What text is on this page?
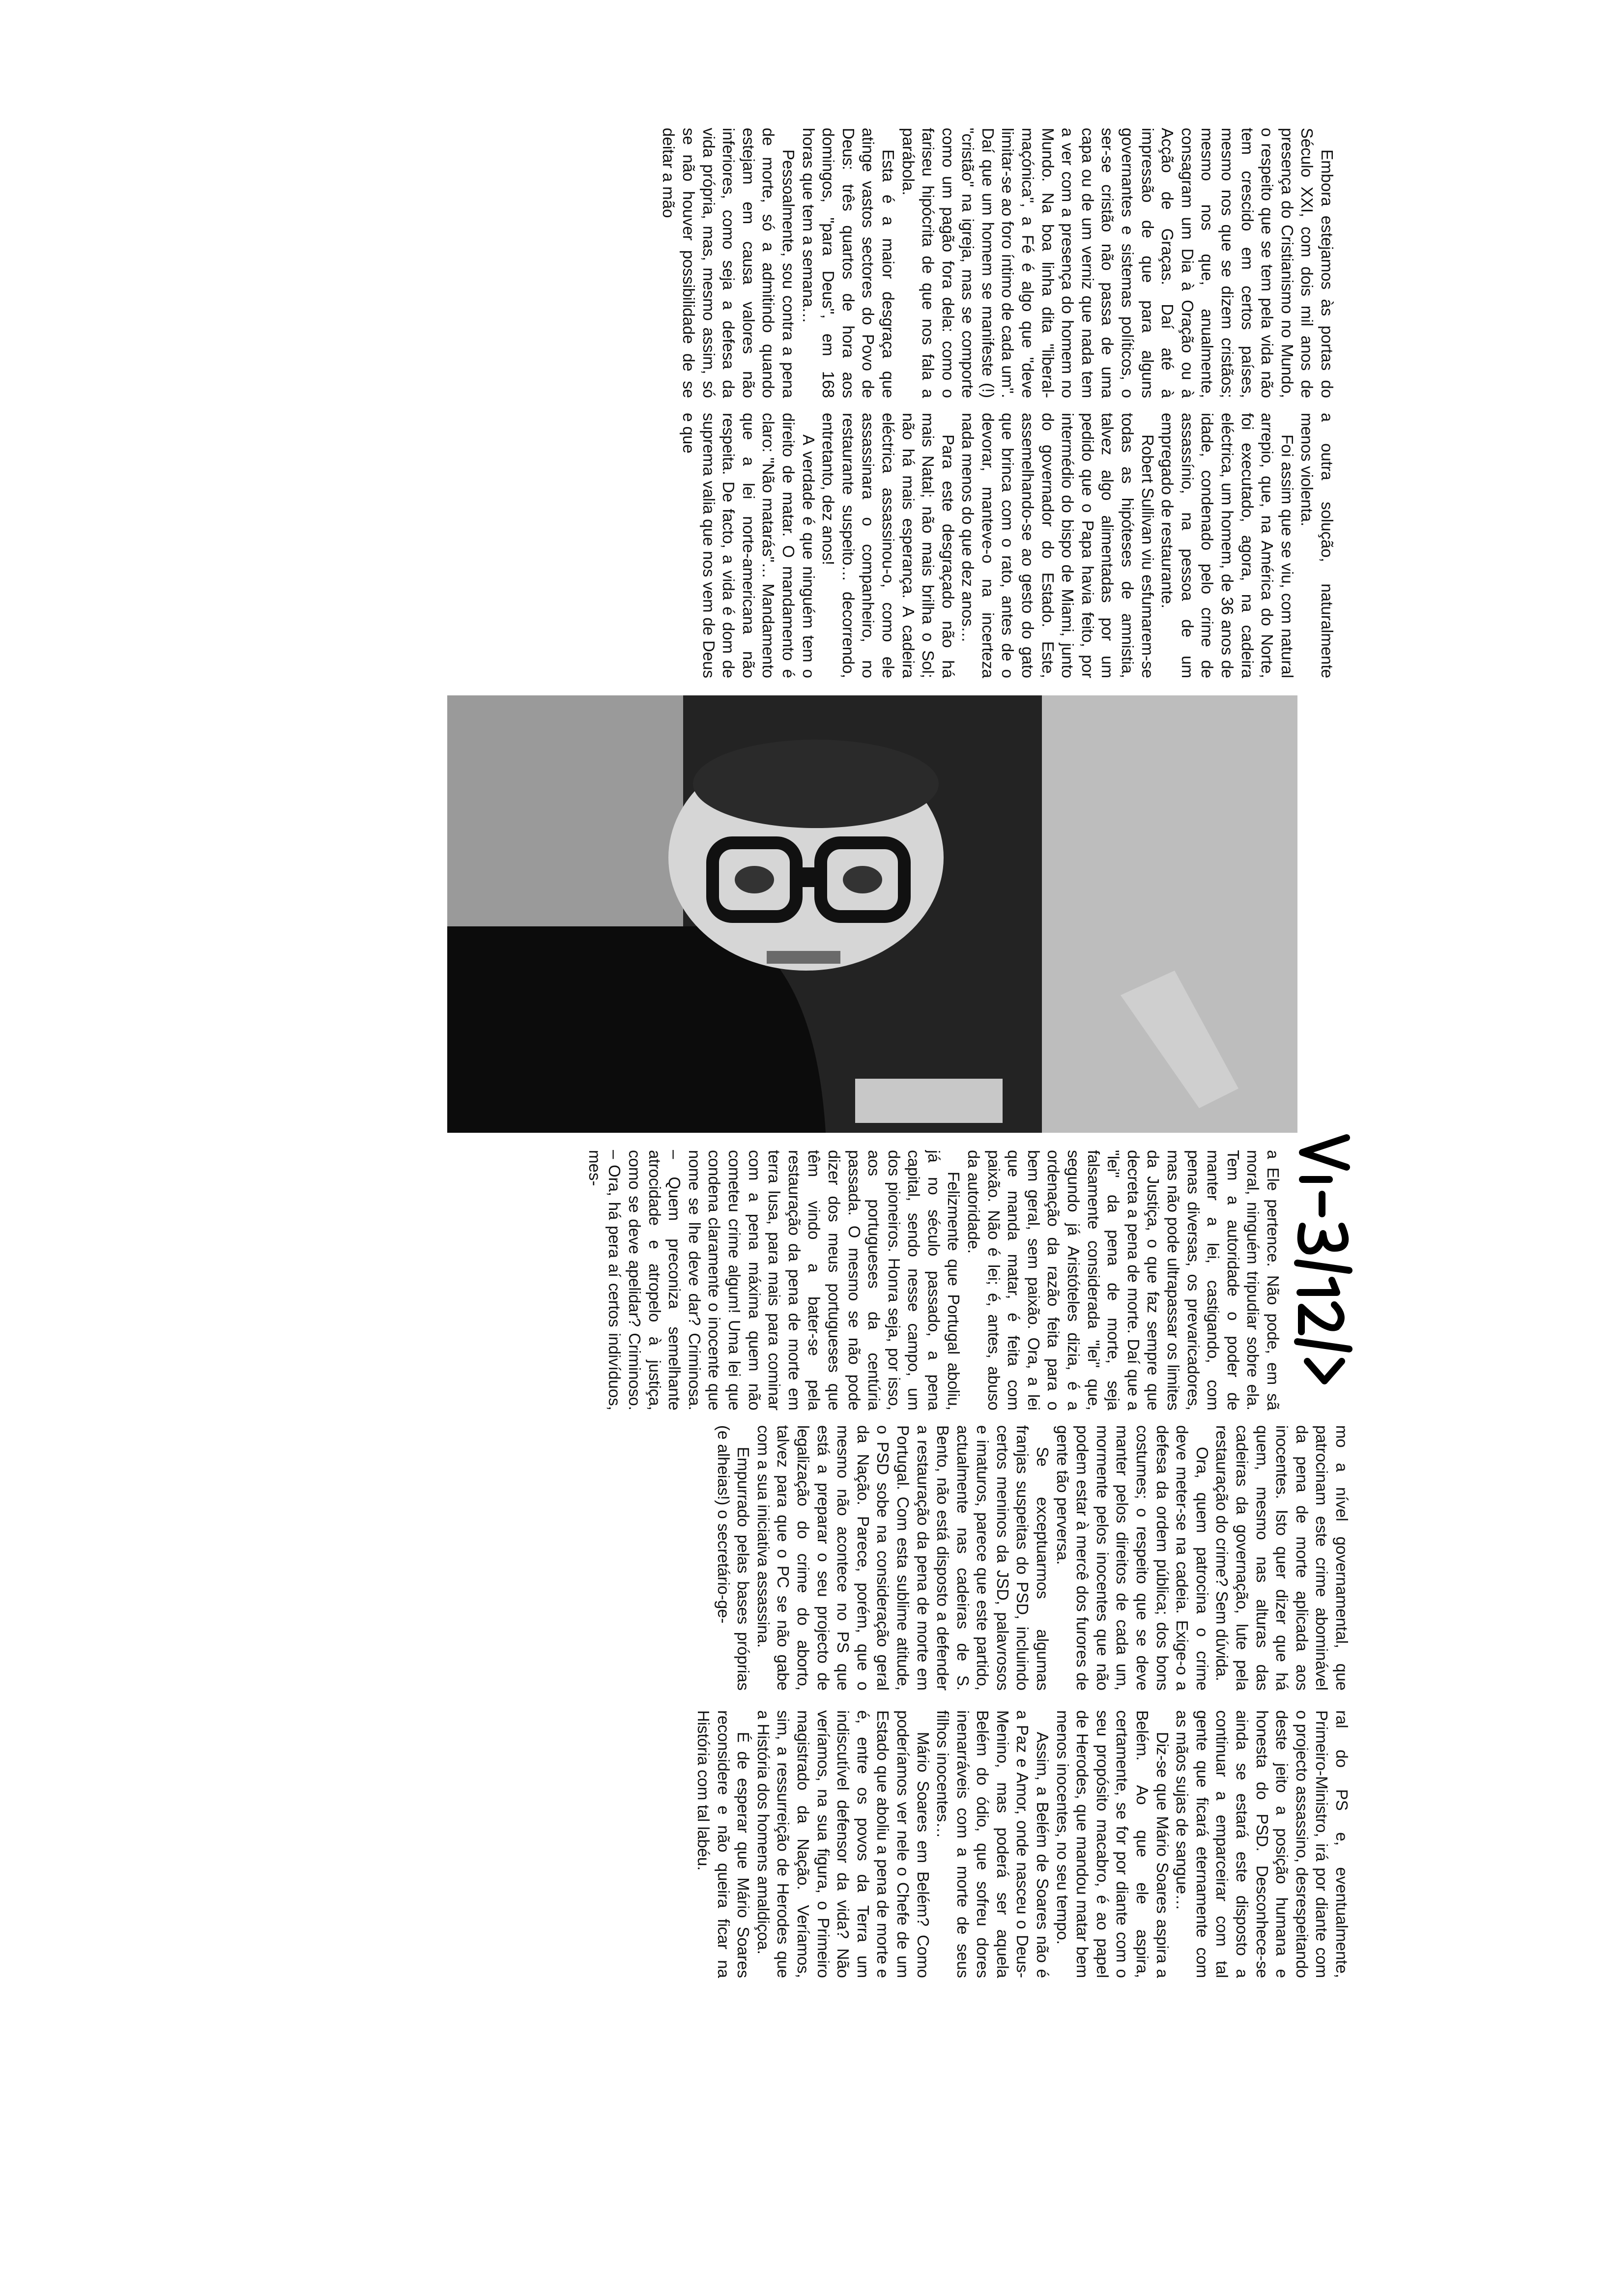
Embora estejamos às portas do Século XXI, com dois mil anos de presença do Cristianismo no Mundo, o respeito que se tem pela vida não tem crescido em certos países, mesmo nos que se dizem cristãos; mesmo nos que, anualmente, consagram um Dia à Oração ou à Acção de Graças. Daí até à impressão de que para alguns governantes e sistemas políticos, o ser-se cristão não passa de uma capa ou de um verniz que nada tem a ver com a presença do homem no Mundo. Na boa linha dita "liberal-maçónica", a Fé é algo que "deve limitar-se ao foro íntimo de cada um". Daí que um homem se manifeste (!) "cristão" na igreja, mas se comporte como um pagão fora dela: como o fariseu hipócrita de que nos fala a parábola.

Esta é a maior desgraça que atinge vastos sectores do Povo de Deus: três quartos de hora aos domingos, "para Deus", em 168 horas que tem a semana…

Pessoalmente, sou contra a pena de morte, só a admitindo quando estejam em causa valores não inferiores, como seja a defesa da vida própria, mas, mesmo assim, só se não houver possibilidade de se deitar a mão

a outra solução, naturalmente menos violenta.

Foi assim que se viu, com natural arrepio, que, na América do Norte, foi executado, agora, na cadeira eléctrica, um homem, de 36 anos de idade, condenado pelo crime de assassínio, na pessoa de um empregado de restaurante.

Robert Sullivan viu esfumarem-se todas as hipóteses de amnistia, talvez algo alimentadas por um pedido que o Papa havia feito, por intermédio do bispo de Miami, junto do governador do Estado. Este, assemelhando-se ao gesto do gato que brinca com o rato, antes de o devorar, manteve-o na incerteza nada menos do que dez anos…

Para este desgraçado não há mais Natal; não mais brilha o Sol; não há mais esperança. A cadeira eléctrica assassinou-o, como ele assassinara o companheiro, no restaurante suspeito… decorrendo, entretanto, dez anos!

A verdade é que ninguém tem o direito de matar. O mandamento é claro: "Não matarás"… Mandamento que a lei norte-americana não respeita. De facto, a vida é dom de suprema valia que nos vem de Deus e que

a Ele pertence. Não pode, em sã moral, ninguém tripudiar sobre ela. Tem a autoridade o poder de manter a lei, castigando, com penas diversas, os prevaricadores, mas não pode ultrapassar os limites da Justiça, o que faz sempre que decreta a pena de morte. Daí que a "lei" da pena de morte, seja falsamente considerada "lei" que, segundo já Aristóteles dizia, é a ordenação da razão feita para o bem geral, sem paixão. Ora, a lei que manda matar, é feita com paixão. Não é lei; é, antes, abuso da autoridade.

Felizmente que Portugal aboliu, já no século passado, a pena capital, sendo nesse campo, um dos pioneiros. Honra seja, por isso, aos portugueses da centúria passada. O mesmo se não pode dizer dos meus portugueses que têm vindo a bater-se pela restauração da pena de morte em terra lusa, para mais para cominar com a pena máxima quem não cometeu crime algum! Uma lei que condena claramente o inocente que nome se lhe deve dar? Criminosa. – Quem preconiza semelhante atrocidade e atropelo à justiça, como se deve apelidar? Criminoso. – Ora, há pera aí certos indivíduos, mes-

mo a nível governamental, que patrocinam este crime abominável da pena de morte aplicada aos inocentes. Isto quer dizer que há quem, mesmo nas alturas das cadeiras da governação, lute pela restauração do crime? Sem dúvida.

Ora, quem patrocina o crime deve meter-se na cadeia. Exige-o a defesa da ordem pública; dos bons costumes; o respeito que se deve manter pelos direitos de cada um, mormente pelos inocentes que não podem estar à mercê dos furores de gente tão perversa.

Se exceptuarmos algumas franjas suspeitas do PSD, incluindo certos meninos da JSD, palavrosos e imaturos, parece que este partido, actualmente nas cadeiras de S. Bento, não está disposto a defender a restauração da pena de morte em Portugal. Com esta sublime atitude, o PSD sobe na consideração geral da Nação. Parece, porém, que o mesmo não acontece no PS que está a preparar o seu projecto de legalização do crime do aborto, talvez para que o PC se não gabe com a sua iniciativa assassina.

Empurrado pelas bases próprias (e alheias!) o secretário-ge-

ral do PS e, eventualmente, Primeiro-Ministro, irá por diante com o projecto assassino, desrespeitando deste jeito a posição humana e honesta do PSD. Desconhece-se ainda se estará este disposto a continuar a emparceirar com tal gente que ficará eternamente com as mãos sujas de sangue…

Diz-se que Mário Soares aspira a Belém. Ao que ele aspira, certamente, se for por diante com o seu propósito macabro, é ao papel de Herodes, que mandou matar bem menos inocentes, no seu tempo.

Assim, a Belém de Soares não é a Paz e Amor, onde nasceu o Deus-Menino, mas poderá ser aquela Belém do ódio, que sofreu dores inenarráveis com a morte de seus filhos inocentes…

Mário Soares em Belém? Como poderíamos ver nele o Chefe de um Estado que aboliu a pena de morte e é, entre os povos da Terra um indiscutível defensor da vida? Não veríamos, na sua figura, o Primeiro magistrado da Nação. Veríamos, sim, a ressurreição de Herodes que a História dos homens amaldiçoa.

É de esperar que Mário Soares reconsidere e não queira ficar na História com tal labéu.
